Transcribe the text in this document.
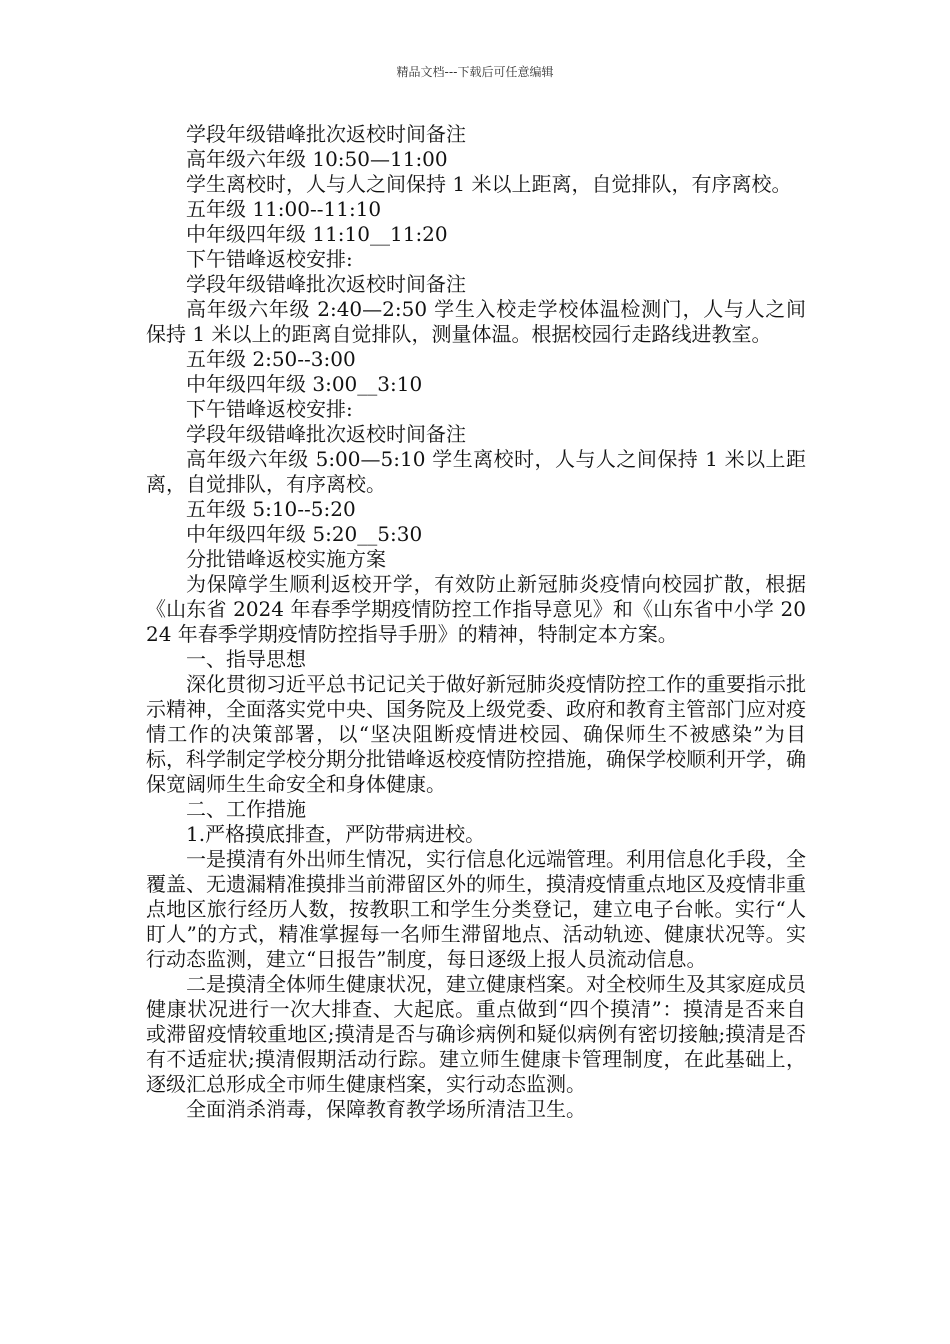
精品文档---下载后可任意编辑

学段年级错峰批次返校时间备注

高年级六年级 10:50—11:00

学生离校时，人与人之间保持 1 米以上距离，自觉排队，有序离校。

五年级 11:00--11:10

中年级四年级 11:10__11:20

下午错峰返校安排:

学段年级错峰批次返校时间备注

高年级六年级 2:40—2:50 学生入校走学校体温检测门，人与人之间保持 1 米以上的距离自觉排队，测量体温。根据校园行走路线进教室。

五年级 2:50--3:00

中年级四年级 3:00__3:10

下午错峰返校安排:

学段年级错峰批次返校时间备注

高年级六年级 5:00—5:10 学生离校时，人与人之间保持 1 米以上距离，自觉排队，有序离校。

五年级 5:10--5:20

中年级四年级 5:20__5:30

分批错峰返校实施方案

为保障学生顺利返校开学，有效防止新冠肺炎疫情向校园扩散，根据《山东省 2024 年春季学期疫情防控工作指导意见》和《山东省中小学 2024 年春季学期疫情防控指导手册》的精神，特制定本方案。

一、指导思想

深化贯彻习近平总书记记关于做好新冠肺炎疫情防控工作的重要指示批示精神，全面落实党中央、国务院及上级党委、政府和教育主管部门应对疫情工作的决策部署，以“坚决阻断疫情进校园、确保师生不被感染”为目标，科学制定学校分期分批错峰返校疫情防控措施，确保学校顺利开学，确保宽阔师生生命安全和身体健康。

二、工作措施

1.严格摸底排查，严防带病进校。

一是摸清有外出师生情况，实行信息化远端管理。利用信息化手段，全覆盖、无遗漏精准摸排当前滞留区外的师生，摸清疫情重点地区及疫情非重点地区旅行经历人数，按教职工和学生分类登记，建立电子台帐。实行“人盯人”的方式，精准掌握每一名师生滞留地点、活动轨迹、健康状况等。实行动态监测，建立“日报告”制度，每日逐级上报人员流动信息。

二是摸清全体师生健康状况，建立健康档案。对全校师生及其家庭成员健康状况进行一次大排查、大起底。重点做到“四个摸清”：摸清是否来自或滞留疫情较重地区;摸清是否与确诊病例和疑似病例有密切接触;摸清是否有不适症状;摸清假期活动行踪。建立师生健康卡管理制度，在此基础上，逐级汇总形成全市师生健康档案，实行动态监测。

全面消杀消毒，保障教育教学场所清洁卫生。
